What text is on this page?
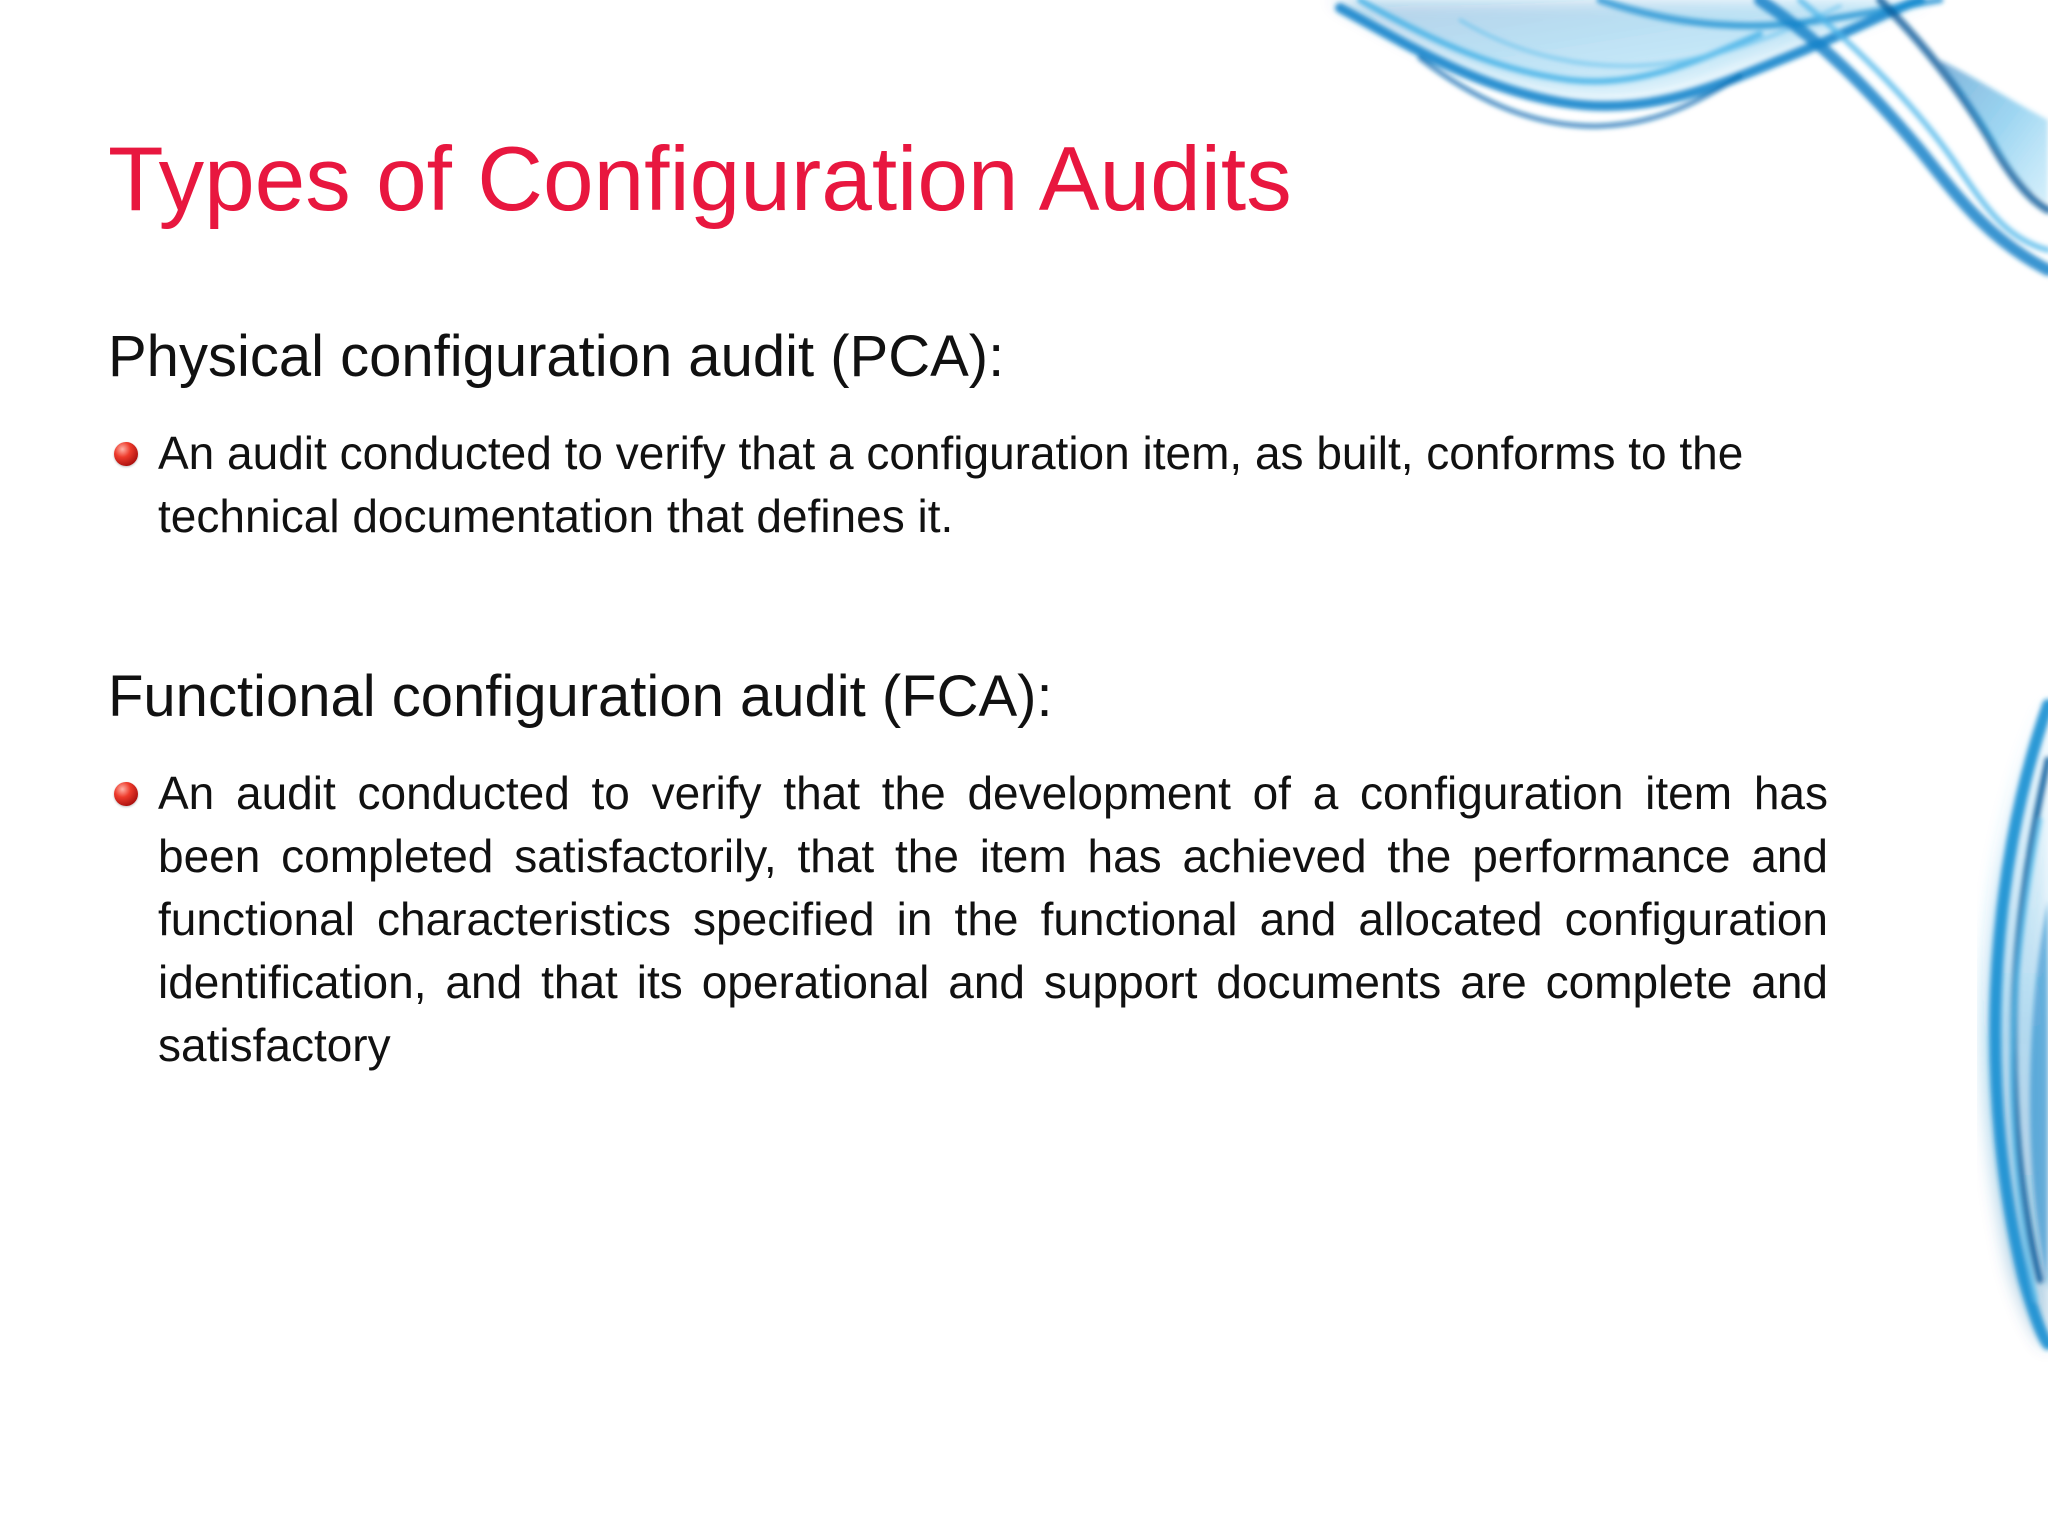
Types of Configuration Audits
Physical configuration audit (PCA):

An audit conducted to verify that a configuration item, as built, conforms to the technical documentation that defines it.

Functional configuration audit (FCA):

An audit conducted to verify that the development of a configuration item has been completed satisfactorily, that the item has achieved the performance and functional characteristics specified in the functional and allocated configuration identification, and that its operational and support documents are complete and satisfactory
